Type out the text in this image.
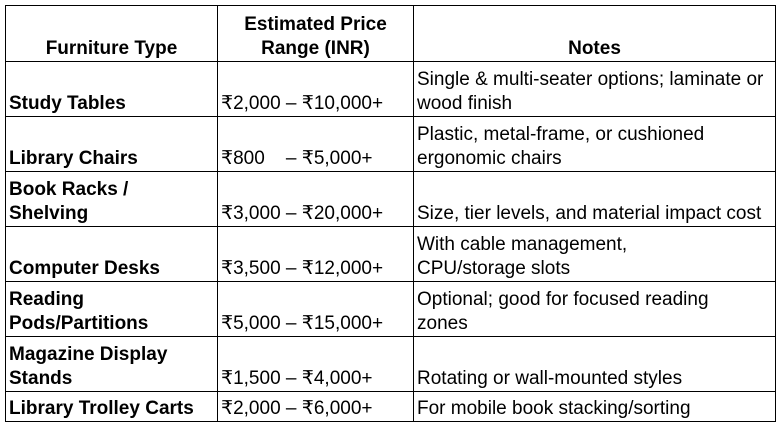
Furniture Type	Estimated Price Range (INR)	Notes
Study Tables	₹2,000 – ₹10,000+	Single & multi-seater options; laminate or wood finish
Library Chairs	₹800    – ₹5,000+	Plastic, metal-frame, or cushioned ergonomic chairs
Book Racks / Shelving	₹3,000 – ₹20,000+	Size, tier levels, and material impact cost
Computer Desks	₹3,500 – ₹12,000+	With cable management, CPU/storage slots
Reading Pods/Partitions	₹5,000 – ₹15,000+	Optional; good for focused reading zones
Magazine Display Stands	₹1,500 – ₹4,000+	Rotating or wall-mounted styles
Library Trolley Carts	₹2,000 – ₹6,000+	For mobile book stacking/sorting
